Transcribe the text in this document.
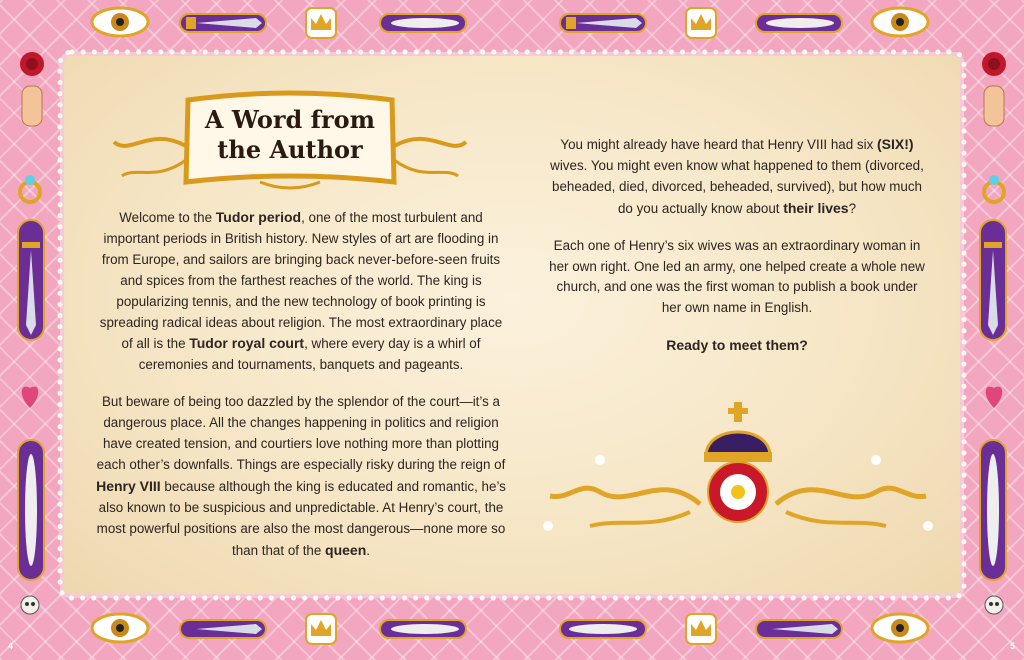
A Word from
the Author

Welcome to the Tudor period, one of the most turbulent and important periods in British history. New styles of art are flooding in from Europe, and sailors are bringing back never-before-seen fruits and spices from the farthest reaches of the world. The king is popularizing tennis, and the new technology of book printing is spreading radical ideas about religion. The most extraordinary place of all is the Tudor royal court, where every day is a whirl of ceremonies and tournaments, banquets and pageants.

But beware of being too dazzled by the splendor of the court—it’s a dangerous place. All the changes happening in politics and religion have created tension, and courtiers love nothing more than plotting each other’s downfalls. Things are especially risky during the reign of Henry VIII because although the king is educated and romantic, he’s also known to be suspicious and unpredictable. At Henry’s court, the most powerful positions are also the most dangerous—none more so than that of the queen.

You might already have heard that Henry VIII had six (SIX!) wives. You might even know what happened to them (divorced, beheaded, died, divorced, beheaded, survived), but how much do you actually know about their lives?

Each one of Henry’s six wives was an extraordinary woman in her own right. One led an army, one helped create a whole new church, and one was the first woman to publish a book under her own name in English.

Ready to meet them?

4	5
